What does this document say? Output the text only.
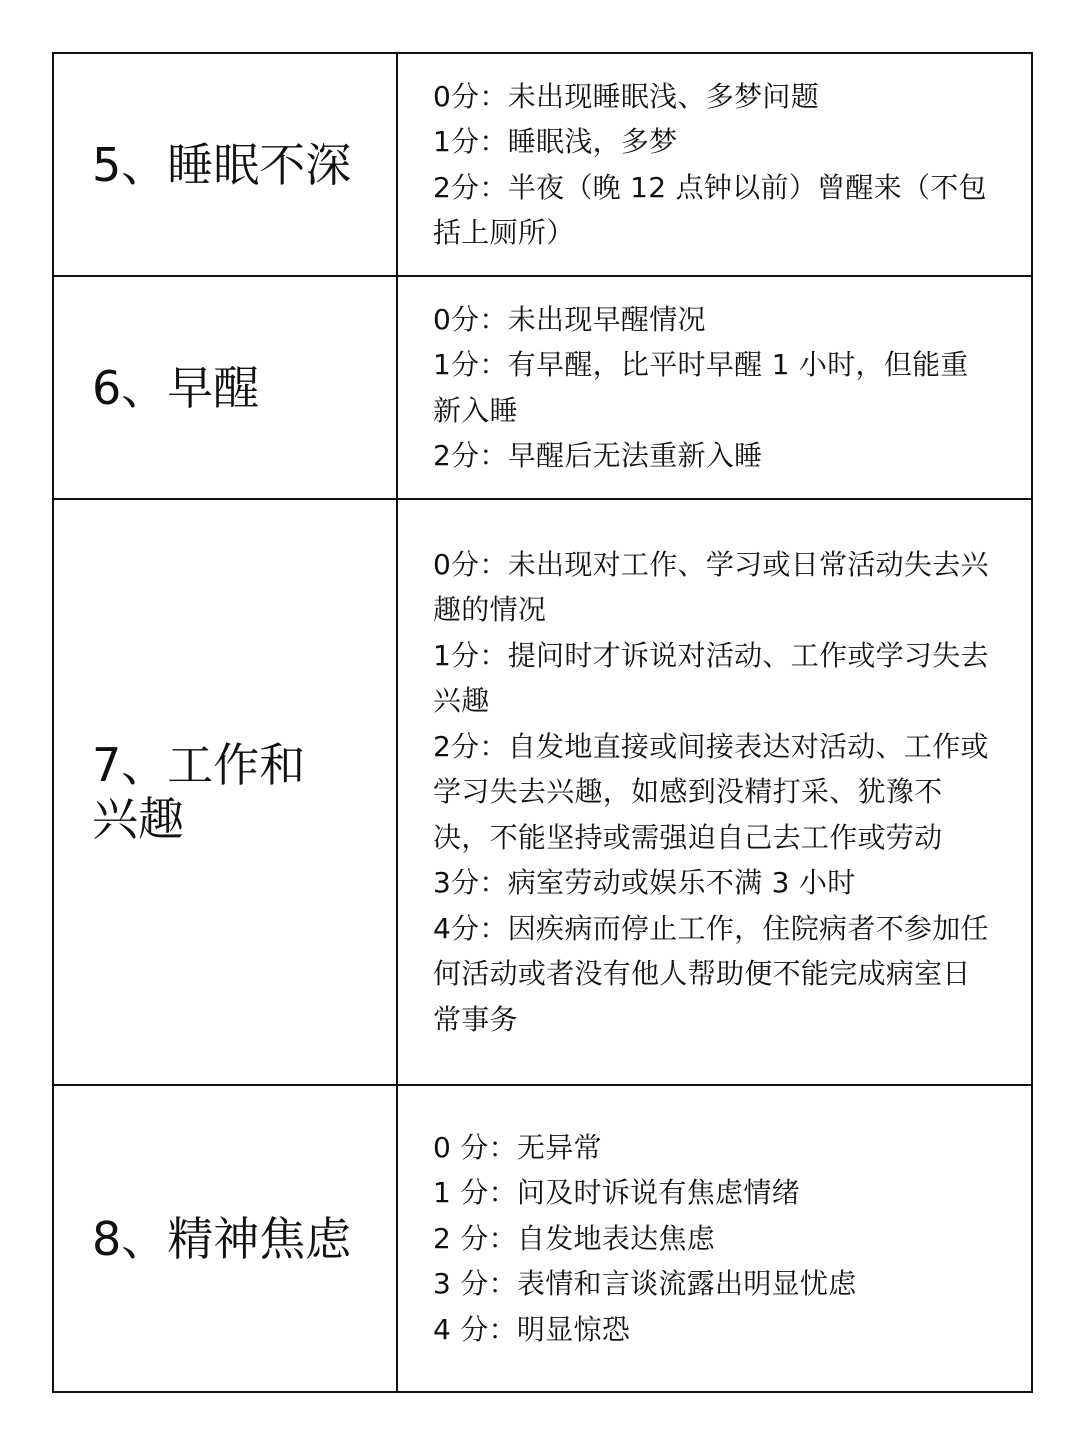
5、睡眠不深	0分：未出现睡眠浅、多梦问题
1分：睡眠浅，多梦
2分：半夜（晚 12 点钟以前）曾醒来（不包括上厕所）

6、早醒	0分：未出现早醒情况
1分：有早醒，比平时早醒 1 小时，但能重新入睡
2分：早醒后无法重新入睡

7、工作和兴趣	0分：未出现对工作、学习或日常活动失去兴趣的情况
1分：提问时才诉说对活动、工作或学习失去兴趣
2分：自发地直接或间接表达对活动、工作或学习失去兴趣，如感到没精打采、犹豫不决，不能坚持或需强迫自己去工作或劳动
3分：病室劳动或娱乐不满 3 小时
4分：因疾病而停止工作，住院病者不参加任何活动或者没有他人帮助便不能完成病室日常事务

8、精神焦虑	0 分：无异常
1 分：问及时诉说有焦虑情绪
2 分：自发地表达焦虑
3 分：表情和言谈流露出明显忧虑
4 分：明显惊恐
